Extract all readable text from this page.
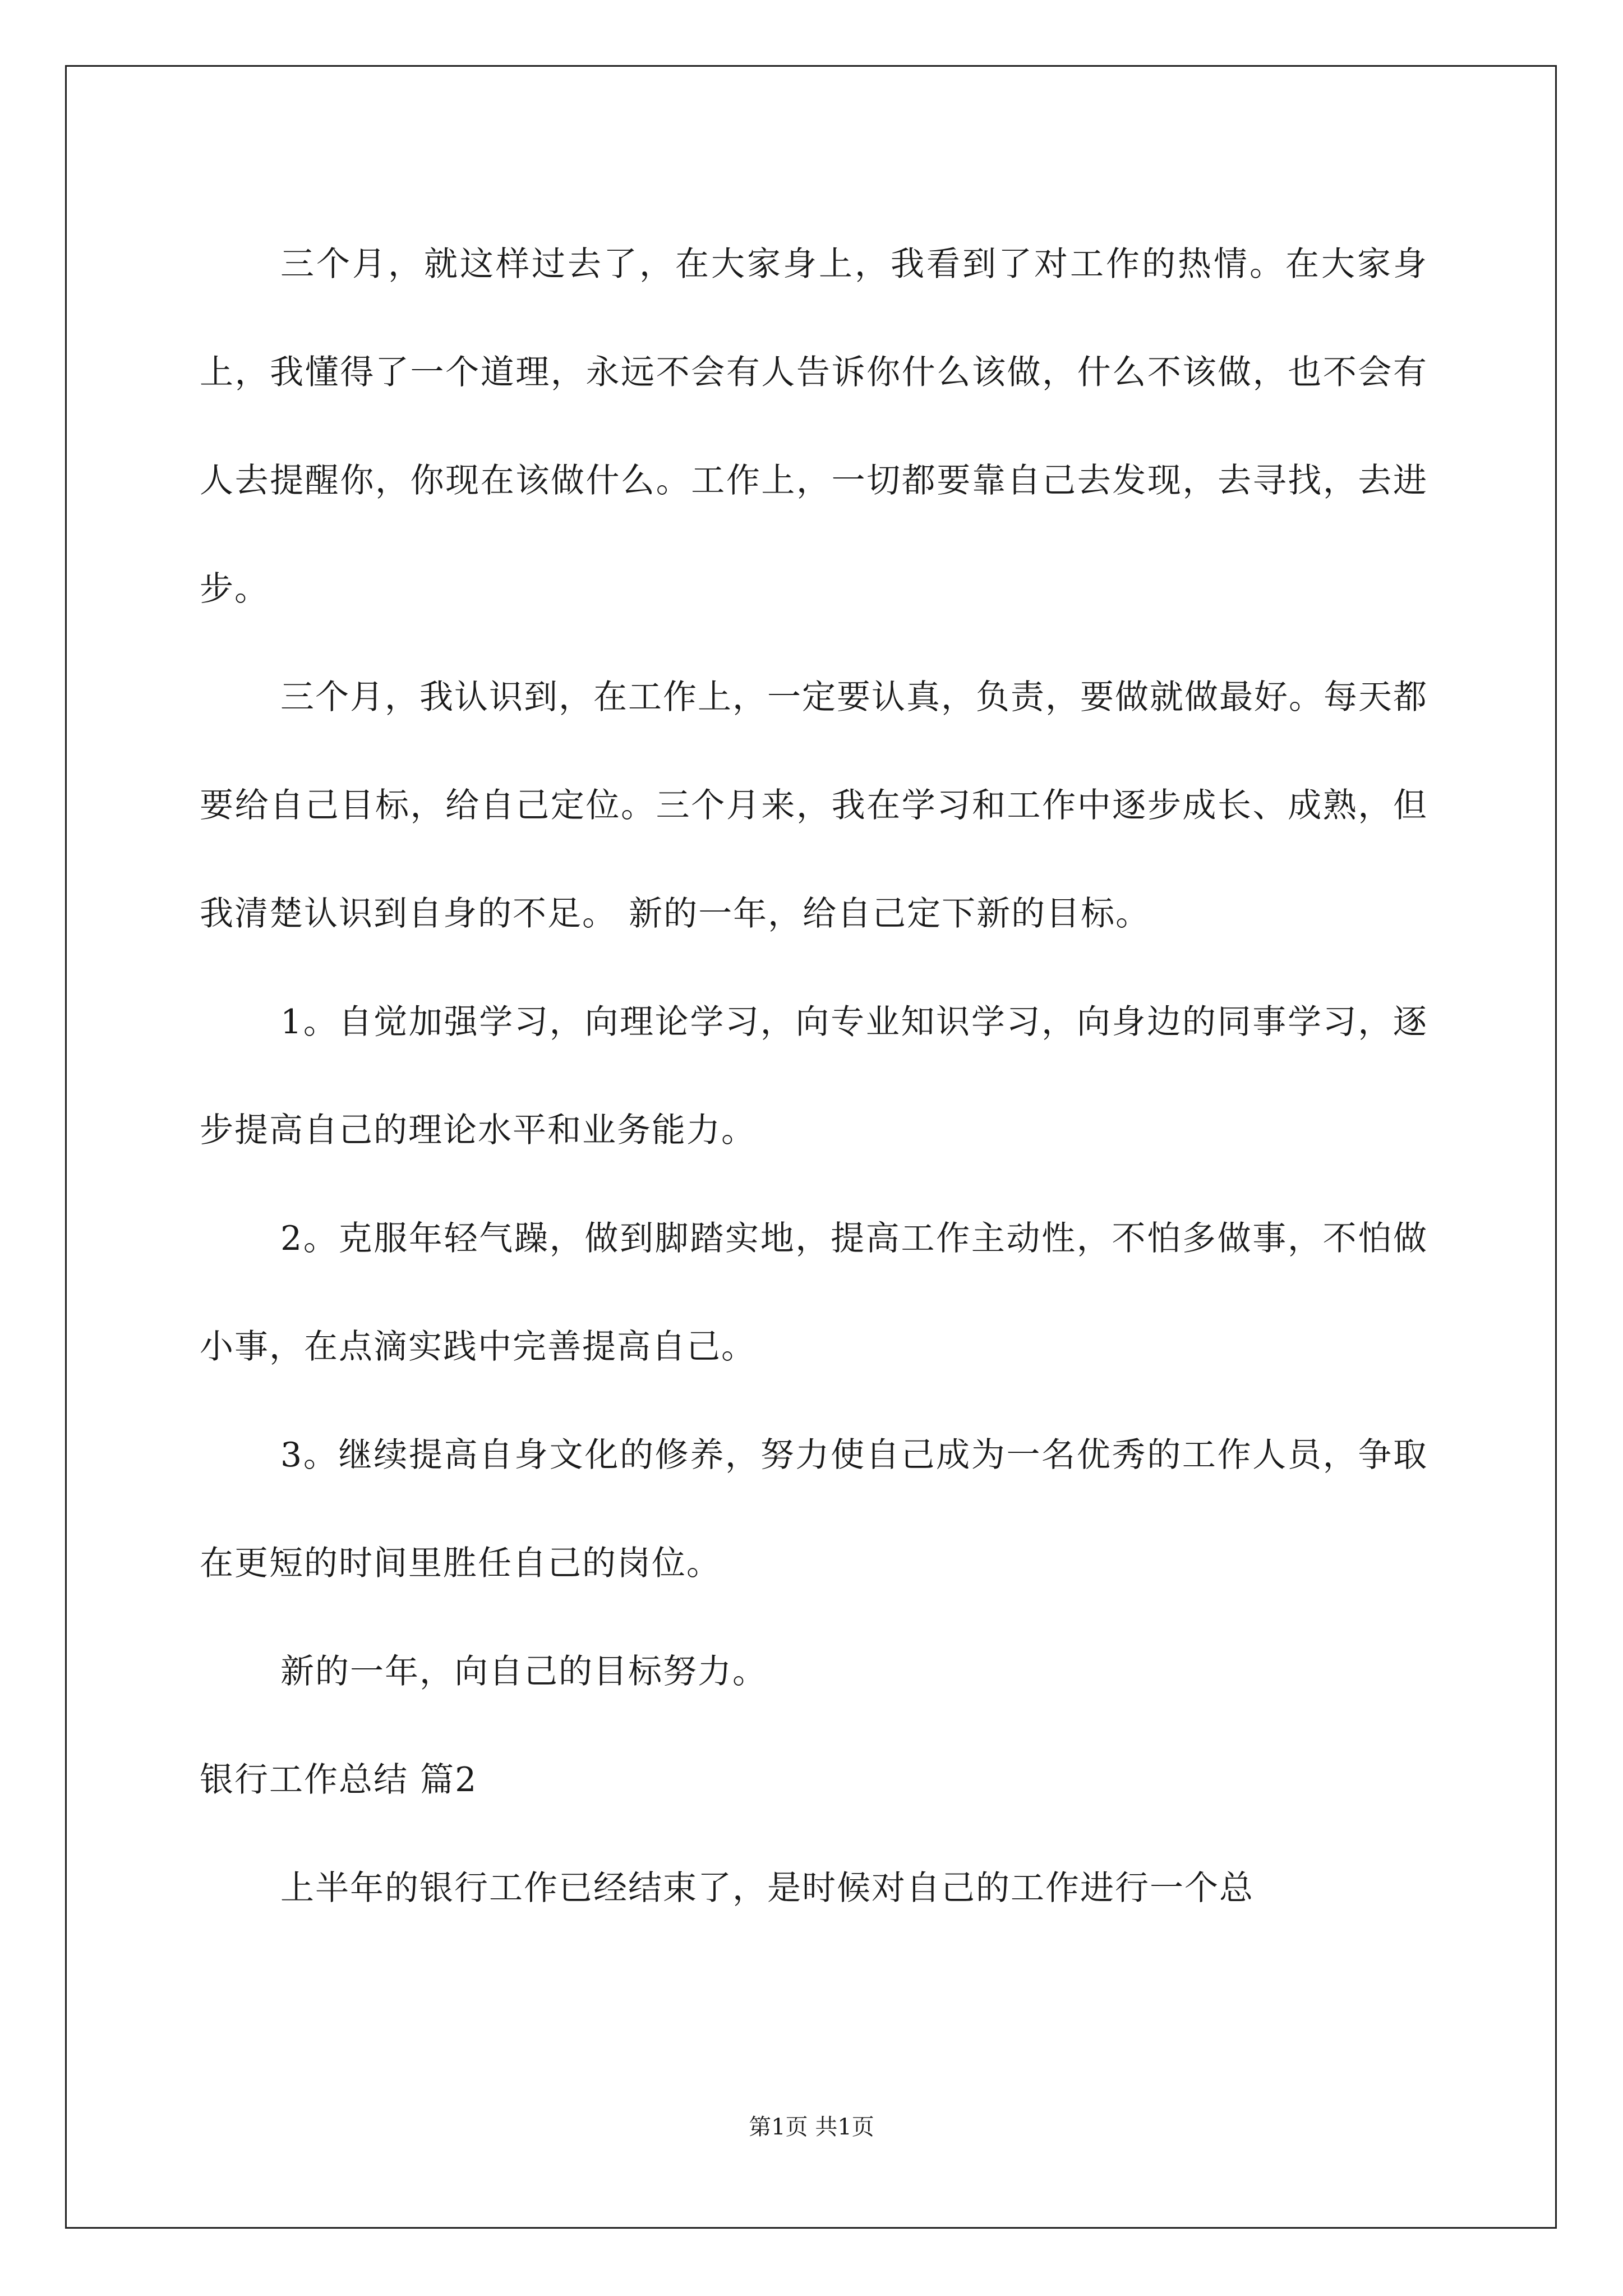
三个月，就这样过去了，在大家身上，我看到了对工作的热情。在大家身上，我懂得了一个道理，永远不会有人告诉你什么该做，什么不该做，也不会有人去提醒你，你现在该做什么。工作上，一切都要靠自己去发现，去寻找，去进步。

三个月，我认识到，在工作上，一定要认真，负责，要做就做最好。每天都要给自己目标，给自己定位。三个月来，我在学习和工作中逐步成长、成熟，但我清楚认识到自身的不足。 新的一年，给自己定下新的目标。

1。自觉加强学习，向理论学习，向专业知识学习，向身边的同事学习，逐步提高自己的理论水平和业务能力。

2。克服年轻气躁，做到脚踏实地，提高工作主动性，不怕多做事，不怕做小事，在点滴实践中完善提高自己。

3。继续提高自身文化的修养，努力使自己成为一名优秀的工作人员，争取在更短的时间里胜任自己的岗位。

新的一年，向自己的目标努力。

银行工作总结 篇2

上半年的银行工作已经结束了，是时候对自己的工作进行一个总

第1页 共1页
